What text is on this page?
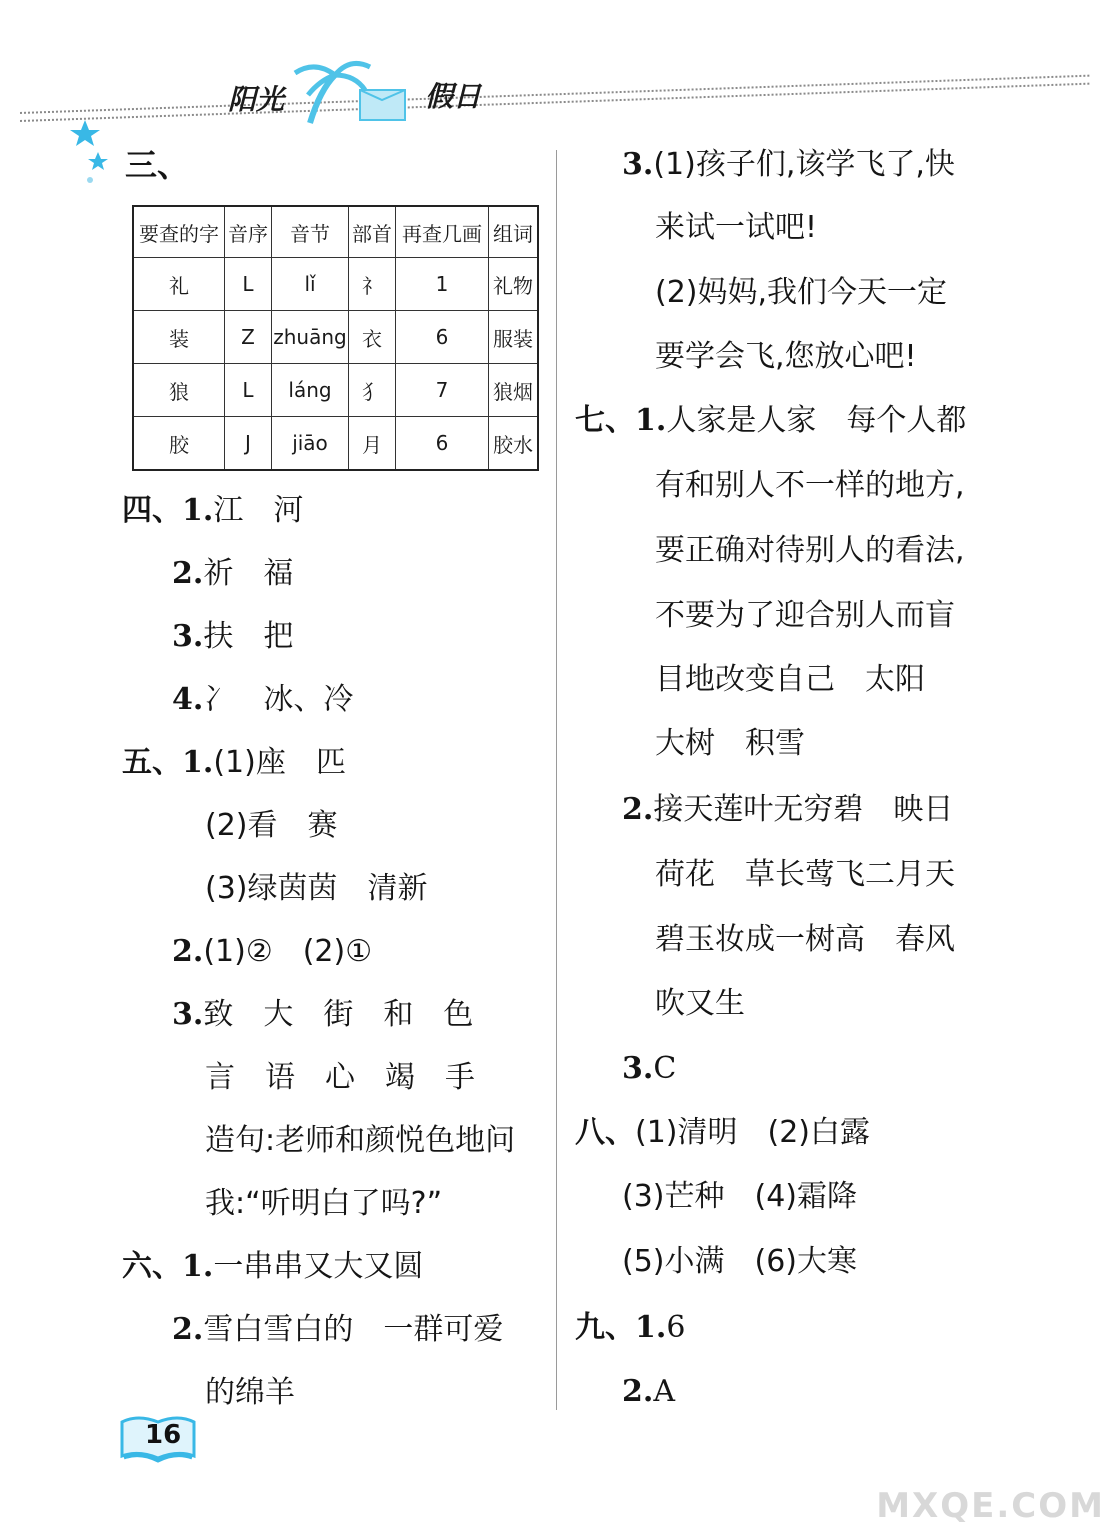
阳光	假日
三、
要查的字	音序	音节	部首	再查几画	组词
礼	L	lǐ	礻	1	礼物
装	Z	zhuāng	衣	6	服装
狼	L	láng	犭	7	狼烟
胶	J	jiāo	月	6	胶水
四、1.江　河
2.祈　福
3.扶　把
4.冫　冰、冷
五、1.(1)座　匹
(2)看　赛
(3)绿茵茵　清新
2.(1)②　(2)①
3.致　大　街　和　色
言　语　心　竭　手
造句:老师和颜悦色地问
我:“听明白了吗?”
六、1.一串串又大又圆
2.雪白雪白的　一群可爱
的绵羊
3.(1)孩子们,该学飞了,快
来试一试吧!
(2)妈妈,我们今天一定
要学会飞,您放心吧!
七、1.人家是人家　每个人都
有和别人不一样的地方,
要正确对待别人的看法,
不要为了迎合别人而盲
目地改变自己　太阳
大树　积雪
2.接天莲叶无穷碧　映日
荷花　草长莺飞二月天
碧玉妆成一树高　春风
吹又生
3.C
八、(1)清明　(2)白露
(3)芒种　(4)霜降
(5)小满　(6)大寒
九、1.6
2.A
16
MXQE.COM
